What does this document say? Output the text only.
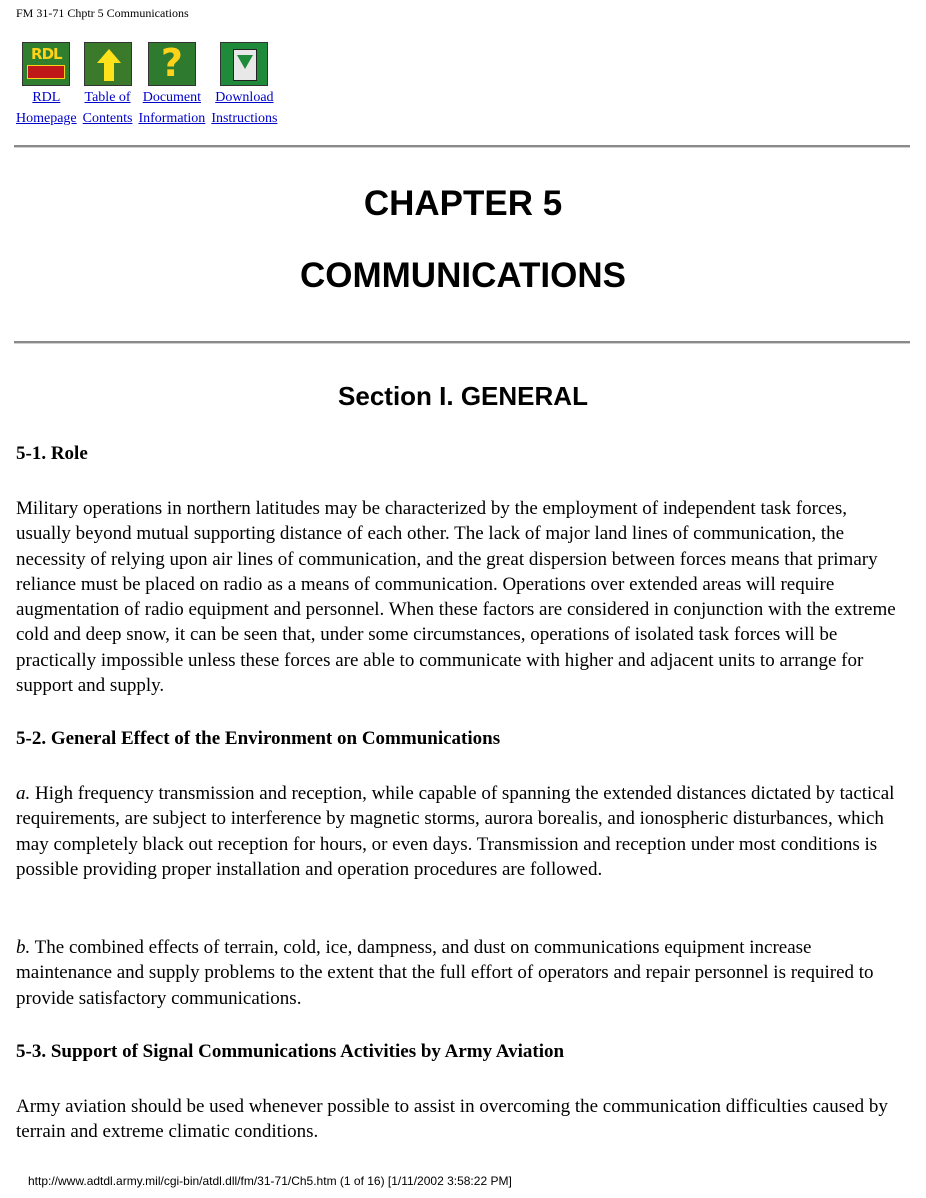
FM 31-71 Chptr 5 Communications
RDL
RDL
Homepage
Table of
Contents
?
Document
Information
Download
Instructions
CHAPTER 5
COMMUNICATIONS
Section I. GENERAL
5-1. Role

Military operations in northern latitudes may be characterized by the employment of independent task forces, usually beyond mutual supporting distance of each other. The lack of major land lines of communication, the necessity of relying upon air lines of communication, and the great dispersion between forces means that primary reliance must be placed on radio as a means of communication. Operations over extended areas will require augmentation of radio equipment and personnel. When these factors are considered in conjunction with the extreme cold and deep snow, it can be seen that, under some circumstances, operations of isolated task forces will be practically impossible unless these forces are able to communicate with higher and adjacent units to arrange for support and supply.

5-2. General Effect of the Environment on Communications

a. High frequency transmission and reception, while capable of spanning the extended distances dictated by tactical requirements, are subject to interference by magnetic storms, aurora borealis, and ionospheric disturbances, which may completely black out reception for hours, or even days. Transmission and reception under most conditions is possible providing proper installation and operation procedures are followed.

b. The combined effects of terrain, cold, ice, dampness, and dust on communications equipment increase maintenance and supply problems to the extent that the full effort of operators and repair personnel is required to provide satisfactory communications.

5-3. Support of Signal Communications Activities by Army Aviation

Army aviation should be used whenever possible to assist in overcoming the communication difficulties caused by terrain and extreme climatic conditions.

http://www.adtdl.army.mil/cgi-bin/atdl.dll/fm/31-71/Ch5.htm (1 of 16) [1/11/2002 3:58:22 PM]
